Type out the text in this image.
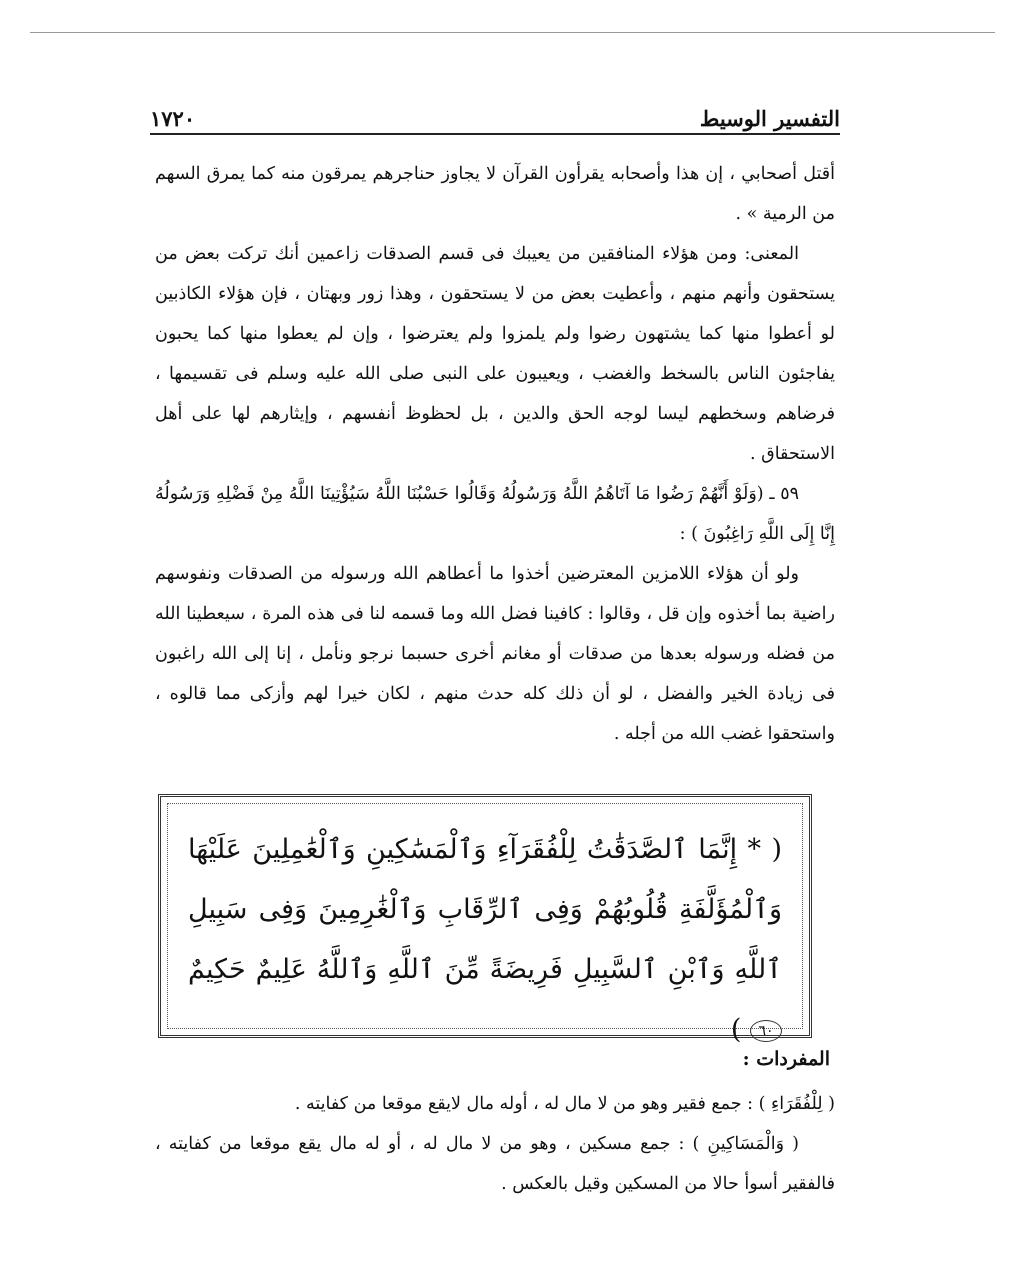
التفسير الوسيط
١٧٢٠

أقتل أصحابي ، إن هذا وأصحابه يقرأون القرآن لا يجاوز حناجرهم يمرقون منه كما يمرق السهم من الرمية » .

المعنى: ومن هؤلاء المنافقين من يعيبك فى قسم الصدقات زاعمين أنك تركت بعض من يستحقون وأنهم منهم ، وأعطيت بعض من لا يستحقون ، وهذا زور وبهتان ، فإن هؤلاء الكاذبين لو أعطوا منها كما يشتهون رضوا ولم يلمزوا ولم يعترضوا ، وإن لم يعطوا منها كما يحبون يفاجئون الناس بالسخط والغضب ، ويعيبون على النبى صلى الله عليه وسلم فى تقسيمها ، فرضاهم وسخطهم ليسا لوجه الحق والدين ، بل لحظوظ أنفسهم ، وإيثارهم لها على أهل الاستحقاق .

٥٩ ـ (وَلَوْ أَنَّهُمْ رَضُوا مَا آتَاهُمُ اللَّهُ وَرَسُولُهُ وَقَالُوا حَسْبُنَا اللَّهُ سَيُؤْتِينَا اللَّهُ مِنْ فَضْلِهِ وَرَسُولُهُ إِنَّا إِلَى اللَّهِ رَاغِبُونَ ) :

ولو أن هؤلاء اللامزين المعترضين أخذوا ما أعطاهم الله ورسوله من الصدقات ونفوسهم راضية بما أخذوه وإن قل ، وقالوا : كافينا فضل الله وما قسمه لنا فى هذه المرة ، سيعطينا الله من فضله ورسوله بعدها من صدقات أو مغانم أخرى حسبما نرجو ونأمل ، إنا إلى الله راغبون فى زيادة الخير والفضل ، لو أن ذلك كله حدث منهم ، لكان خيرا لهم وأزكى مما قالوه ، واستحقوا غضب الله من أجله .

( * إِنَّمَا ٱلصَّدَقَٰتُ لِلْفُقَرَآءِ وَٱلْمَسَٰكِينِ وَٱلْعَٰمِلِينَ عَلَيْهَا وَٱلْمُؤَلَّفَةِ قُلُوبُهُمْ وَفِى ٱلرِّقَابِ وَٱلْغَٰرِمِينَ وَفِى سَبِيلِ ٱللَّهِ وَٱبْنِ ٱلسَّبِيلِ فَرِيضَةً مِّنَ ٱللَّهِ وَٱللَّهُ عَلِيمٌ حَكِيمٌ ٦٠ )
المفردات :

( لِلْفُقَرَاءِ ) : جمع فقير وهو من لا مال له ، أوله مال لايقع موقعا من كفايته .

( وَالْمَسَاكِينِ ) : جمع مسكين ، وهو من لا مال له ، أو له مال يقع موقعا من كفايته ، فالفقير أسوأ حالا من المسكين وقيل بالعكس .
